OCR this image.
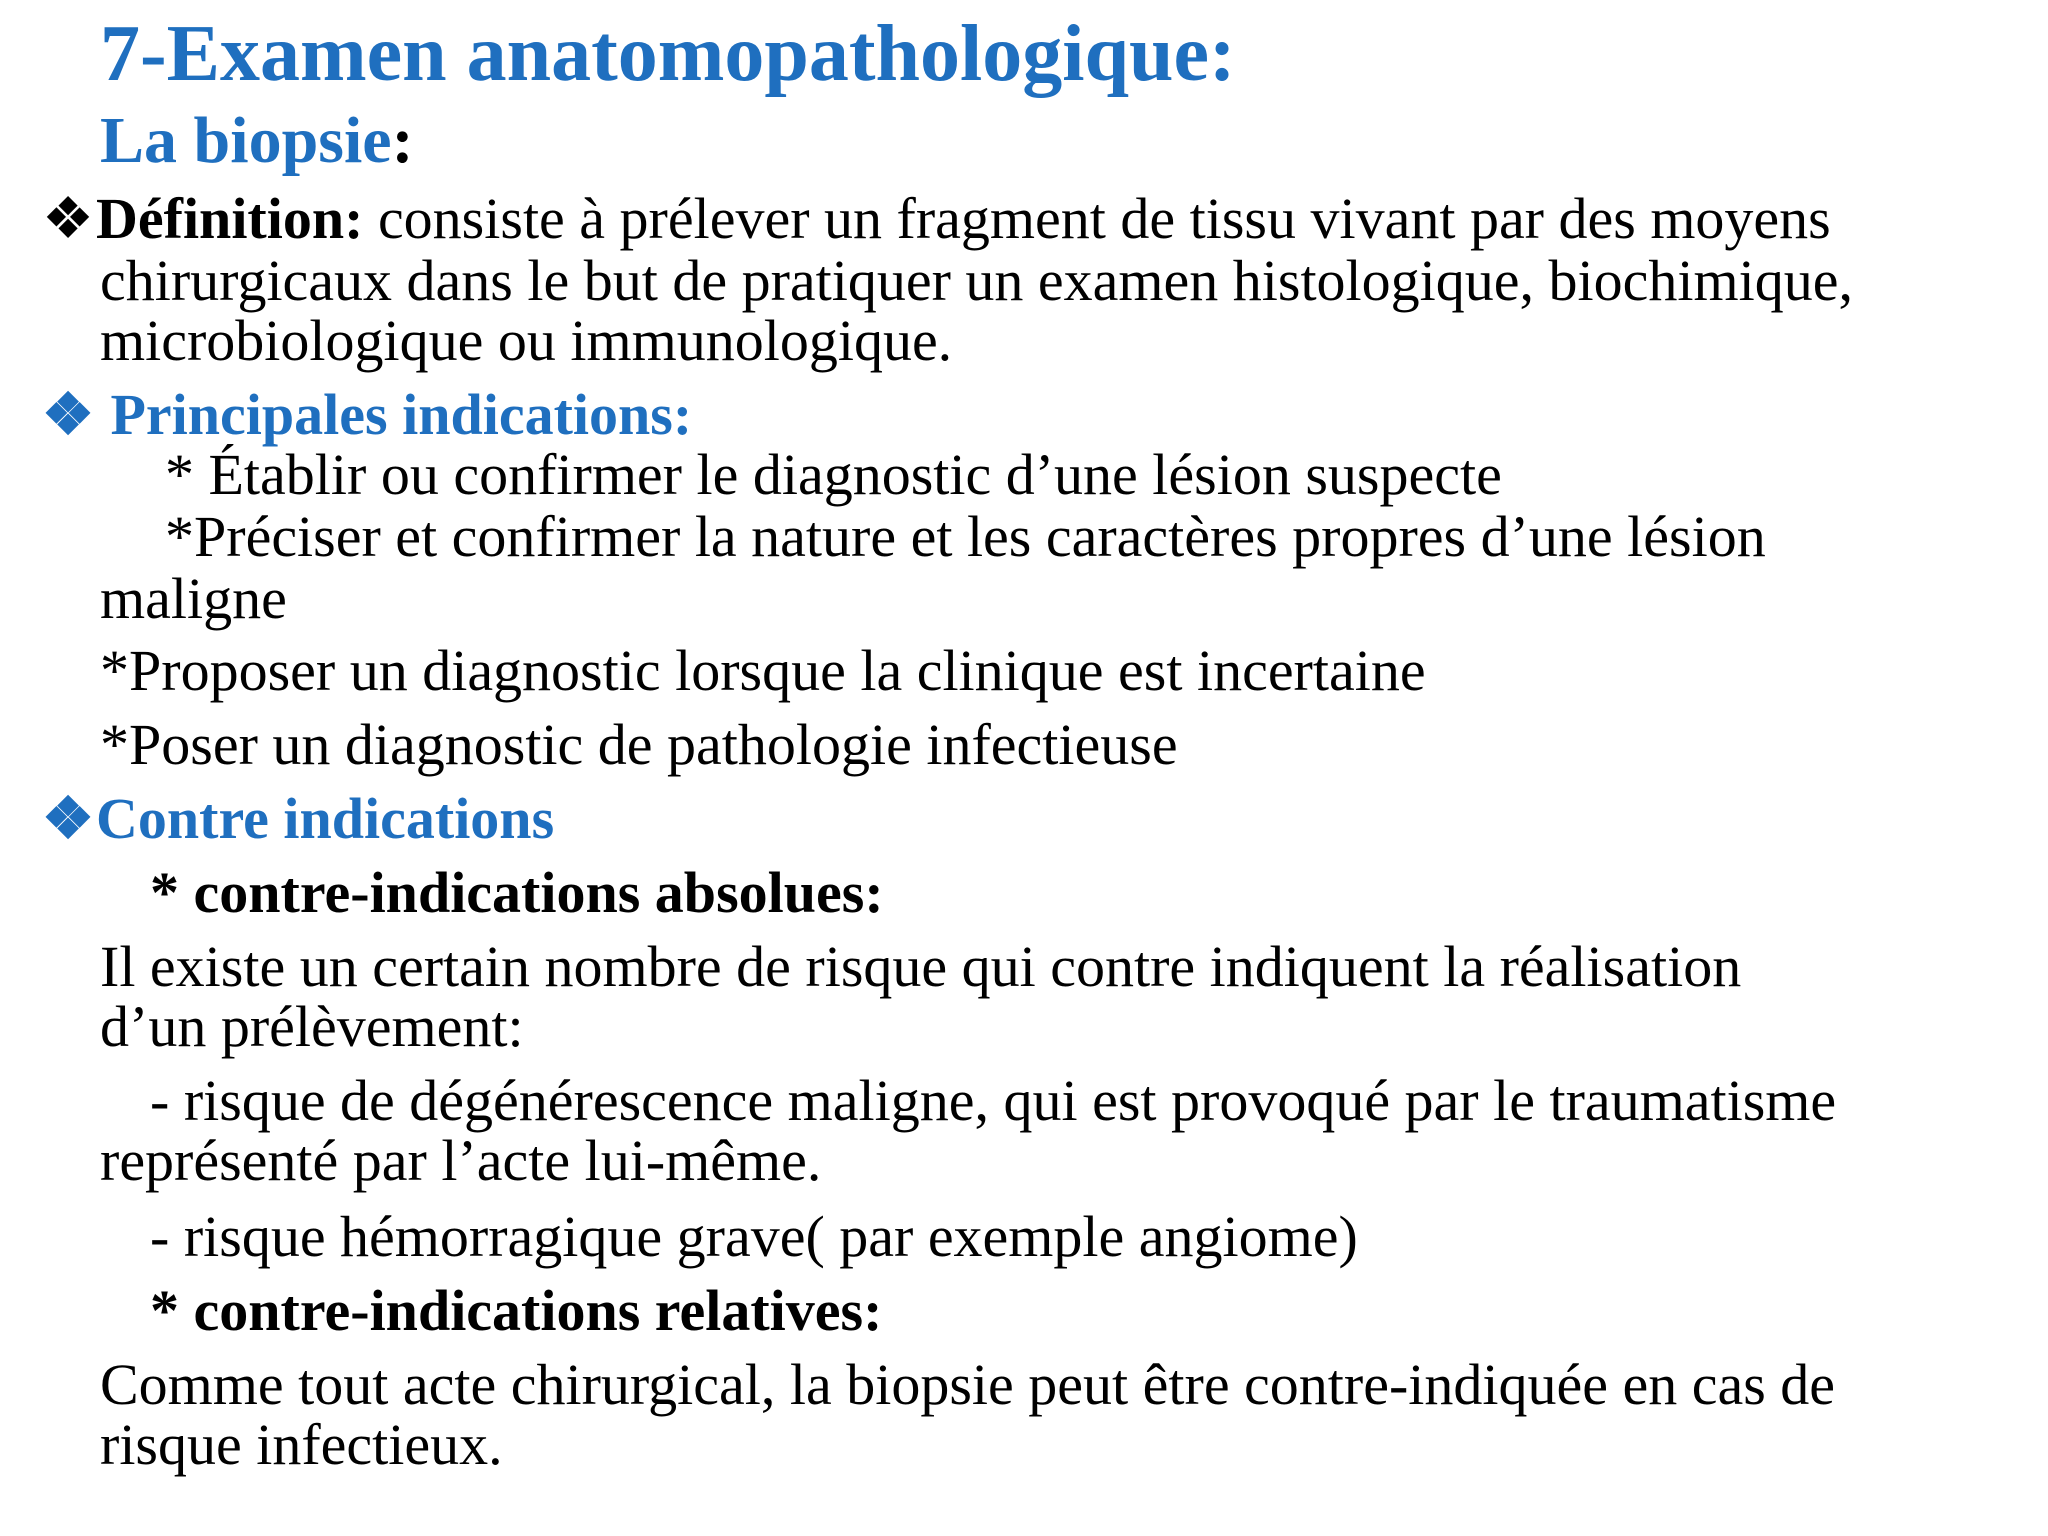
7-Examen anatomopathologique:
La biopsie:
❖Définition: consiste à prélever un fragment de tissu vivant par des moyens
chirurgicaux dans le but de pratiquer un examen histologique, biochimique,
microbiologique ou immunologique.
❖ Principales indications:
* Établir ou confirmer le diagnostic d’une lésion suspecte
*Préciser et confirmer la nature et les caractères propres d’une lésion
maligne
*Proposer un diagnostic lorsque la clinique est incertaine
*Poser un diagnostic de pathologie infectieuse
❖Contre indications
* contre-indications absolues:
Il existe un certain nombre de risque qui contre indiquent la réalisation
d’un prélèvement:
- risque de dégénérescence maligne, qui est provoqué par le traumatisme
représenté par l’acte lui-même.
- risque hémorragique grave( par exemple angiome)
* contre-indications relatives:
Comme tout acte chirurgical, la biopsie peut être contre-indiquée en cas de
risque infectieux.
